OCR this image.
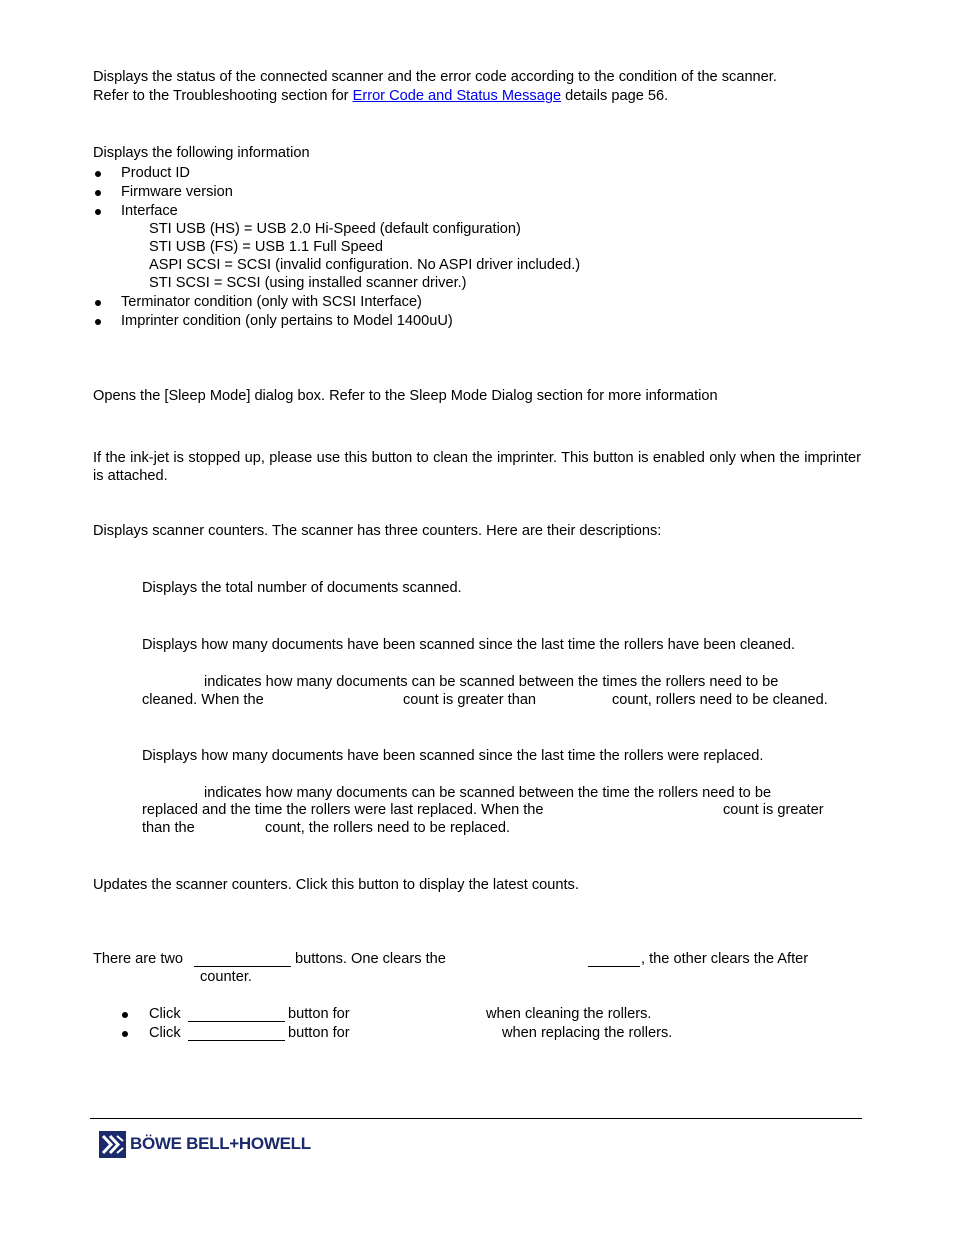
Displays the status of the connected scanner and the error code according to the condition of the scanner.
Refer to the Troubleshooting section for Error Code and Status Message details page 56.
Displays the following information
Product ID
Firmware version
Interface
STI USB (HS) = USB 2.0 Hi-Speed (default configuration)
STI USB (FS) = USB 1.1 Full Speed
ASPI SCSI = SCSI (invalid configuration. No ASPI driver included.)
STI SCSI = SCSI (using installed scanner driver.)
Terminator condition (only with SCSI Interface)
Imprinter condition (only pertains to Model 1400uU)
Opens the [Sleep Mode] dialog box. Refer to the Sleep Mode Dialog section for more information
If the ink-jet is stopped up, please use this button to clean the imprinter. This button is enabled only when the imprinter is attached.
Displays scanner counters. The scanner has three counters. Here are their descriptions:
Displays the total number of documents scanned.
Displays how many documents have been scanned since the last time the rollers have been cleaned.
indicates how many documents can be scanned between the times the rollers need to be
cleaned. When the	count is greater than	count, rollers need to be cleaned.
Displays how many documents have been scanned since the last time the rollers were replaced.
indicates how many documents can be scanned between the time the rollers need to be
replaced and the time the rollers were last replaced. When the	count is greater
than the	count, the rollers need to be replaced.
Updates the scanner counters. Click this button to display the latest counts.
There are two	buttons. One clears the	, the other clears the After
counter.
Click	button for	when cleaning the rollers.
Click	button for	when replacing the rollers.
BÖWE BELL+HOWELL
